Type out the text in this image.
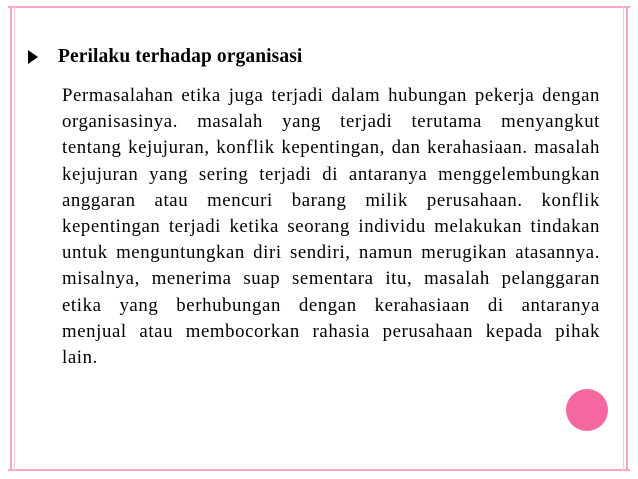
Perilaku terhadap organisasi
Permasalahan etika juga terjadi dalam hubungan pekerja dengan organisasinya. masalah yang terjadi terutama menyangkut tentang kejujuran, konflik kepentingan, dan kerahasiaan. masalah kejujuran yang sering terjadi di antaranya menggelembungkan anggaran atau mencuri barang milik perusahaan. konflik kepentingan terjadi ketika seorang individu melakukan tindakan untuk menguntungkan diri sendiri, namun merugikan atasannya. misalnya, menerima suap sementara itu, masalah pelanggaran etika yang berhubungan dengan kerahasiaan di antaranya menjual atau membocorkan rahasia perusahaan kepada pihak lain.
